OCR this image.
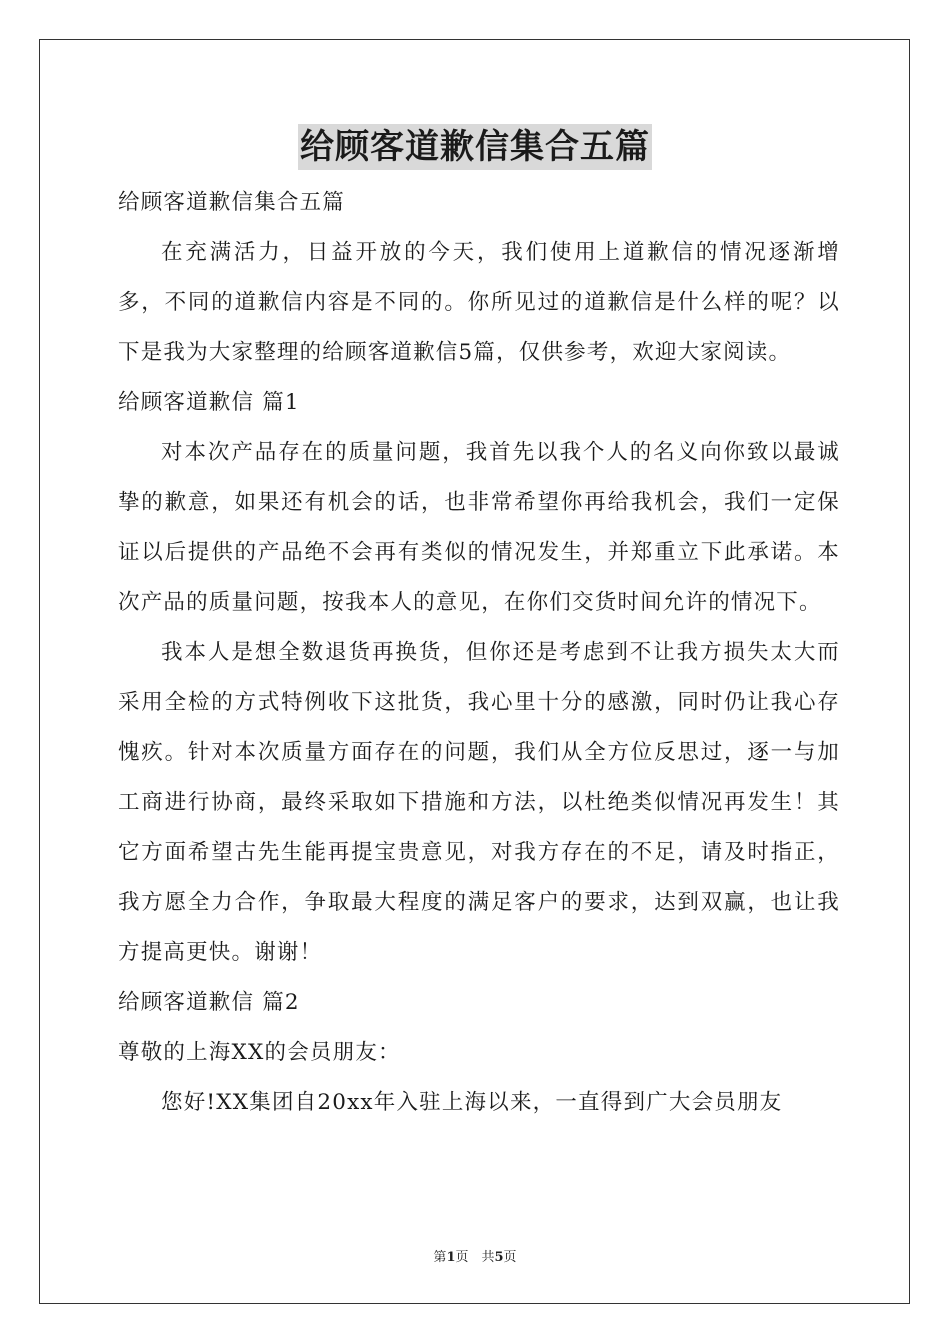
给顾客道歉信集合五篇

给顾客道歉信集合五篇

在充满活力，日益开放的今天，我们使用上道歉信的情况逐渐增多，不同的道歉信内容是不同的。你所见过的道歉信是什么样的呢？以下是我为大家整理的给顾客道歉信5篇，仅供参考，欢迎大家阅读。

给顾客道歉信 篇1

对本次产品存在的质量问题，我首先以我个人的名义向你致以最诚挚的歉意，如果还有机会的话，也非常希望你再给我机会，我们一定保证以后提供的产品绝不会再有类似的情况发生，并郑重立下此承诺。本次产品的质量问题，按我本人的意见，在你们交货时间允许的情况下。

我本人是想全数退货再换货，但你还是考虑到不让我方损失太大而采用全检的方式特例收下这批货，我心里十分的感激，同时仍让我心存愧疚。针对本次质量方面存在的问题，我们从全方位反思过，逐一与加工商进行协商，最终采取如下措施和方法，以杜绝类似情况再发生！其它方面希望古先生能再提宝贵意见，对我方存在的不足，请及时指正，我方愿全力合作，争取最大程度的满足客户的要求，达到双赢，也让我方提高更快。谢谢！

给顾客道歉信 篇2

尊敬的上海XX的会员朋友：

您好!XX集团自20xx年入驻上海以来，一直得到广大会员朋友

第1页　共5页
